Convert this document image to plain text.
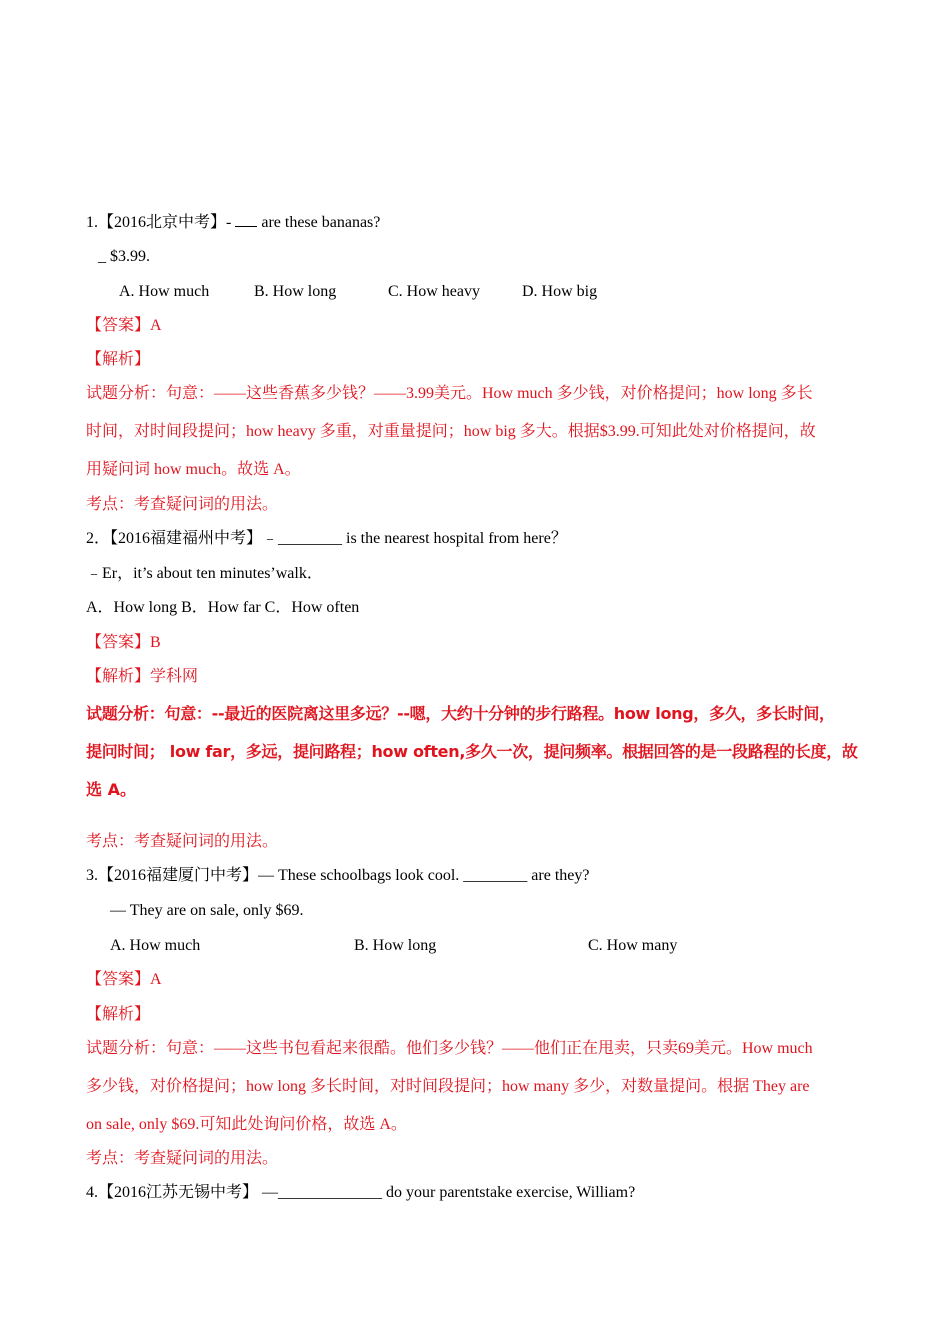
1.【2016北京中考】-  are these bananas?
_ $3.99.
A. How much	B. How long	C. How heavy	D. How big
【答案】A
【解析】
试题分析：句意：——这些香蕉多少钱？——3.99美元。How much 多少钱，对价格提问；how long 多长
时间，对时间段提问；how heavy 多重，对重量提问；how big 多大。根据$3.99.可知此处对价格提问，故
用疑问词 how much。故选 A。
考点：考查疑问词的用法。
2．【2016福建福州中考】﹣________ is the nearest hospital from here？
﹣Er，it’s about ten minutes’walk．
A．How long B．How far C．How often
【答案】B
【解析】学科网
试题分析：句意：--最近的医院离这里多远？--嗯，大约十分钟的步行路程。how long，多久，多长时间，
提问时间； low far，多远，提问路程；how often,多久一次，提问频率。根据回答的是一段路程的长度，故
选 A。
考点：考查疑问词的用法。
3.【2016福建厦门中考】— These schoolbags look cool. ________ are they?
— They are on sale, only $69.
A. How much	B. How long	C. How many
【答案】A
【解析】
试题分析：句意：——这些书包看起来很酷。他们多少钱？——他们正在甩卖，只卖69美元。How much
多少钱，对价格提问；how long 多长时间，对时间段提问；how many 多少，对数量提问。根据 They are
on sale, only $69.可知此处询问价格，故选 A。
考点：考查疑问词的用法。
4.【2016江苏无锡中考】 —_____________ do your parentstake exercise, William?
